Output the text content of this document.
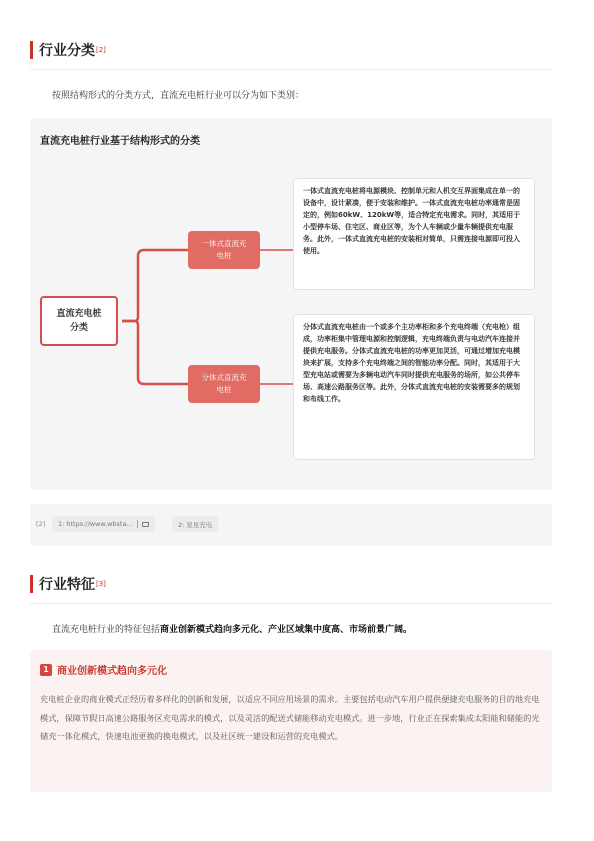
行业分类 [2]
按照结构形式的分类方式，直流充电桩行业可以分为如下类别：
直流充电桩行业基于结构形式的分类
直流充电桩
分类
一体式直流充
电桩
分体式直流充
电桩
一体式直流充电桩将电源模块、控制单元和人机交互界面集成在单一的设备中，设计紧凑，便于安装和维护。一体式直流充电桩功率通常是固定的，例如60kW、120kW等，适合特定充电需求。同时，其适用于小型停车场、住宅区、商业区等，为个人车辆或少量车辆提供充电服务。此外，一体式直流充电桩的安装相对简单，只需连接电源即可投入使用。
分体式直流充电桩由一个或多个主功率柜和多个充电终端（充电枪）组成，功率柜集中管理电源和控制逻辑，充电终端负责与电动汽车连接并提供充电服务。分体式直流充电桩的功率更加灵活，可通过增加充电模块来扩展，支持多个充电终端之间的智能功率分配。同时，其适用于大型充电站或需要为多辆电动汽车同时提供充电服务的场所，如公共停车场、高速公路服务区等。此外，分体式直流充电桩的安装需要多的规划和布线工作。
[2] 1: https://www.wbsta...	2: 星星充电
行业特征 [3]
直流充电桩行业的特征包括商业创新模式趋向多元化、产业区域集中度高、市场前景广阔。
1 商业创新模式趋向多元化
充电桩企业的商业模式正经历着多样化的创新和发展，以适应不同应用场景的需求。主要包括电动汽车用户提供便捷充电服务的目的地充电模式，保障节假日高速公路服务区充电需求的模式，以及灵活的配送式储能移动充电模式。进一步地，行业正在探索集成太阳能和储能的光储充一体化模式，快速电池更换的换电模式，以及社区统一建设和运营的充电模式。
